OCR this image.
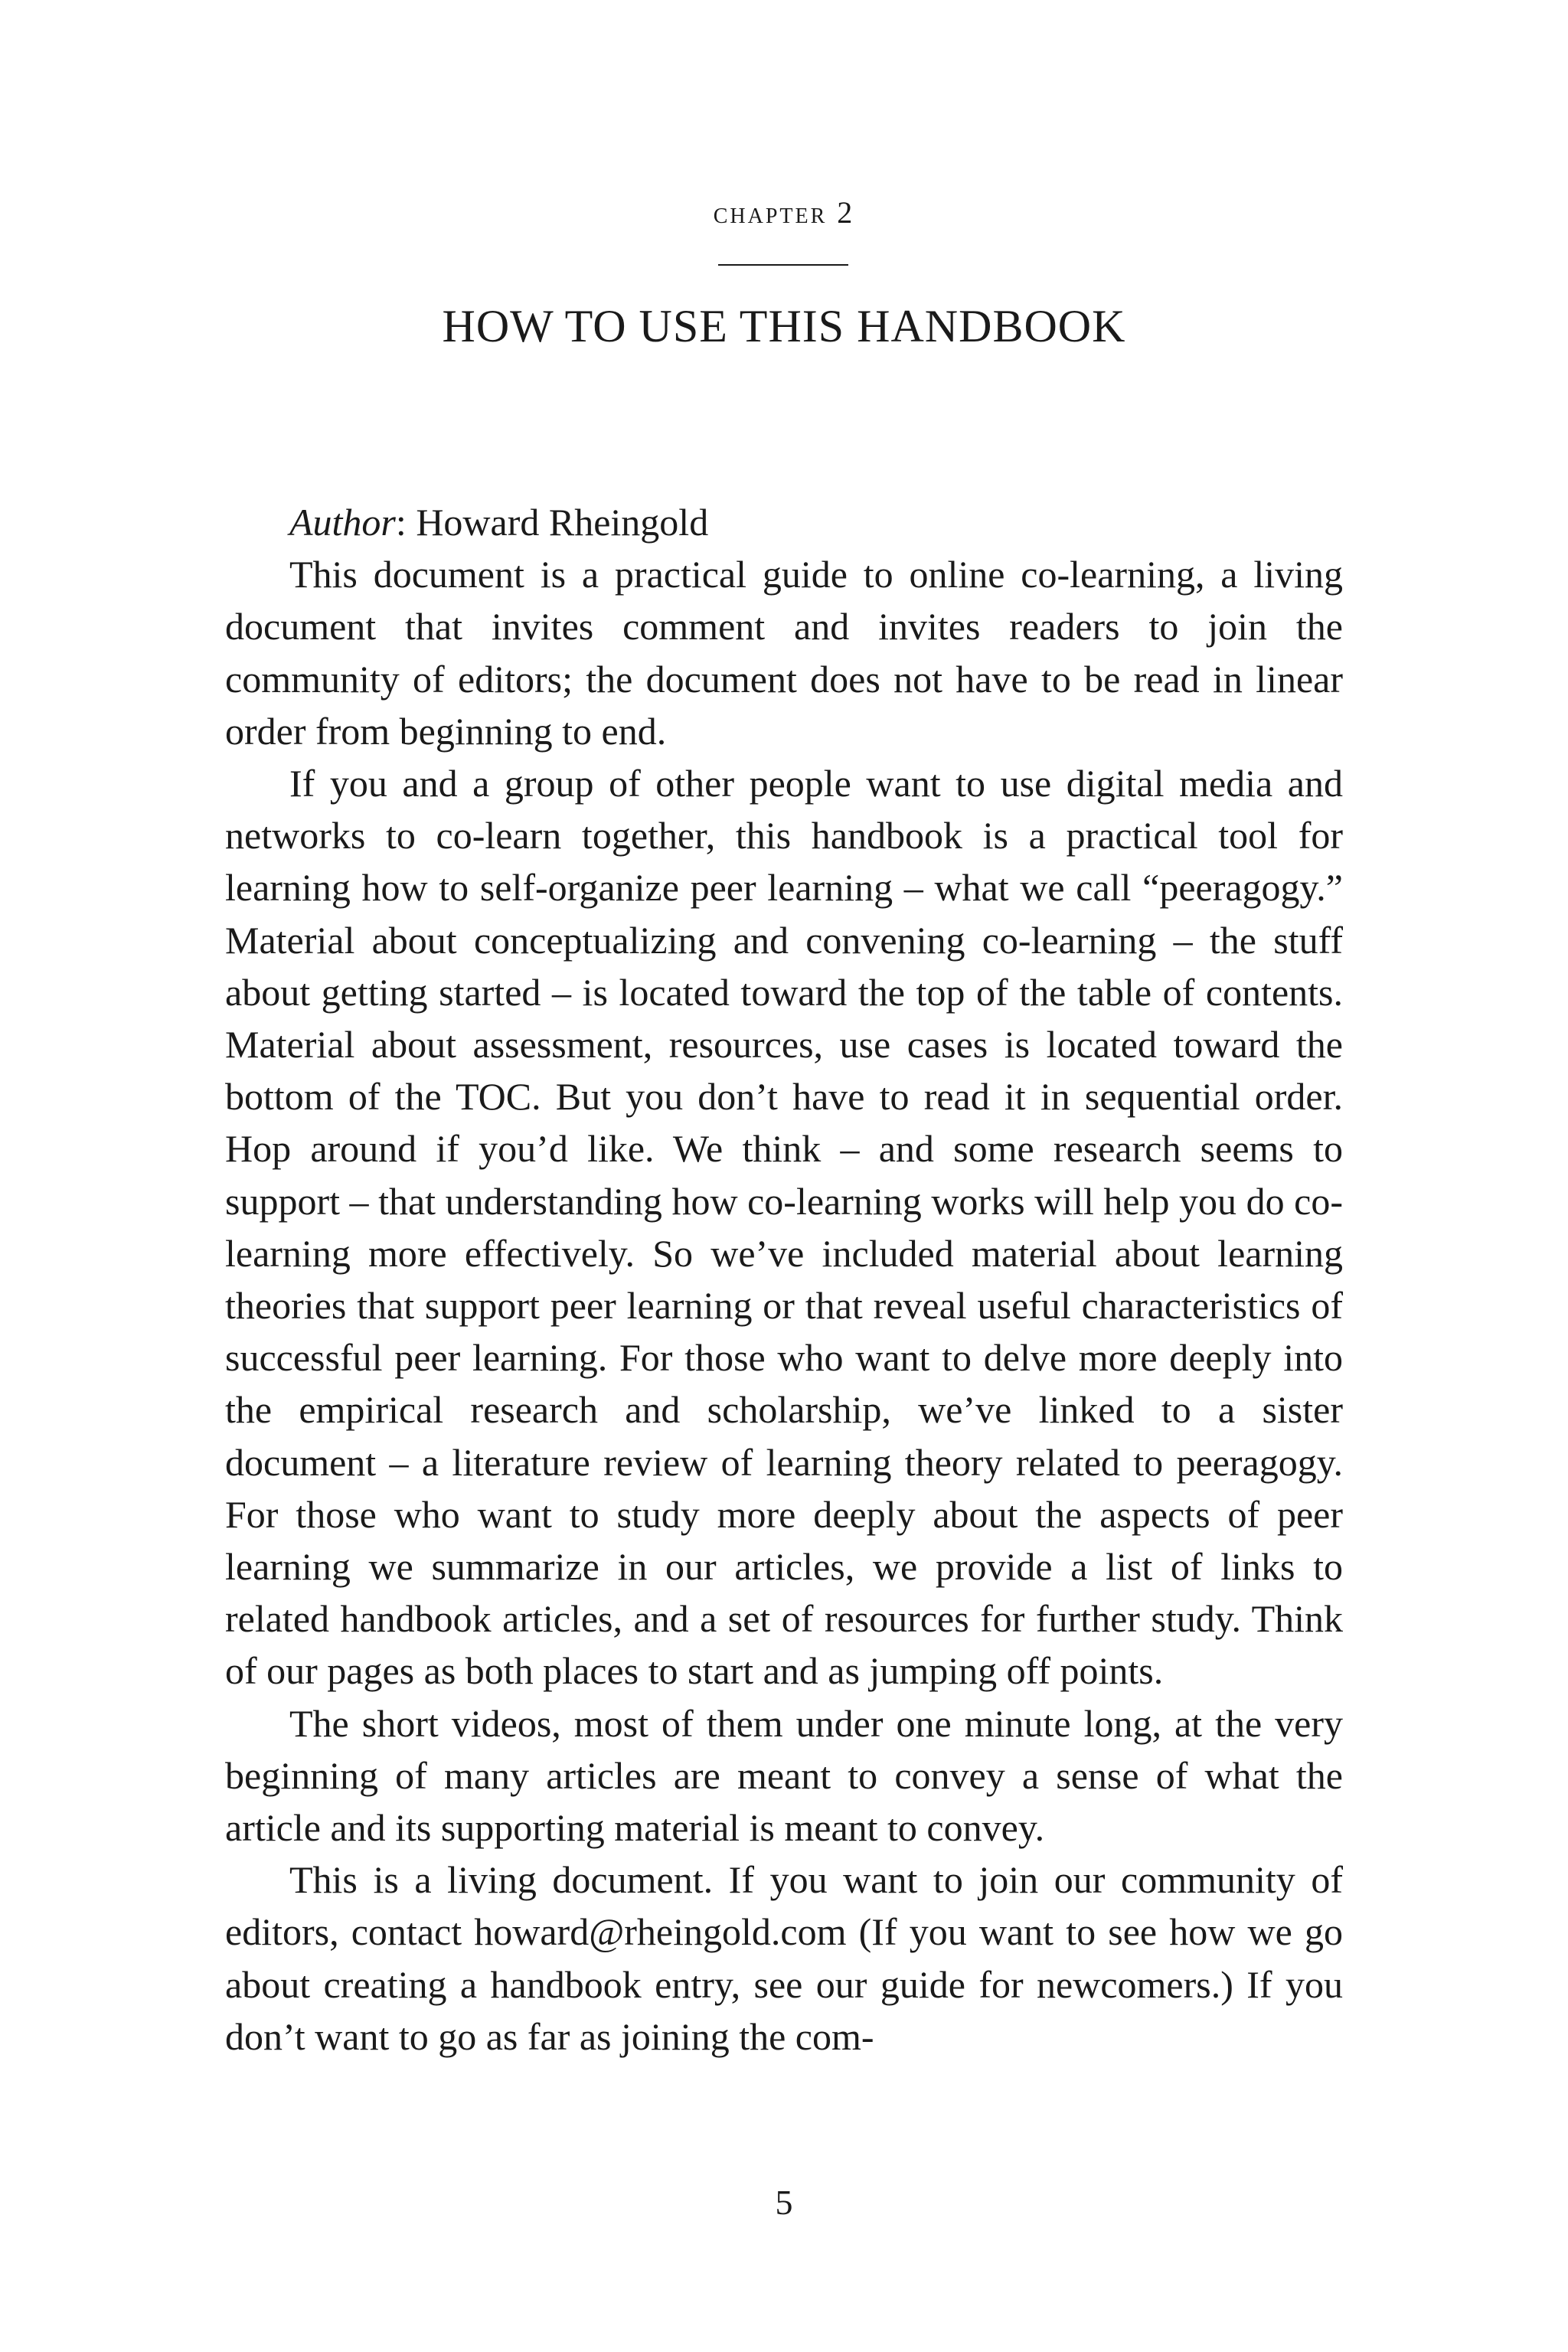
chapter 2
HOW TO USE THIS HANDBOOK

Author: Howard Rheingold

This document is a practical guide to online co-learning, a living document that invites comment and invites readers to join the community of editors; the document does not have to be read in linear order from beginning to end.

If you and a group of other people want to use digital media and networks to co-learn together, this handbook is a practical tool for learning how to self-organize peer learning – what we call “peeragogy.” Material about conceptualizing and convening co-learning – the stuff about getting started – is located toward the top of the table of contents. Material about assessment, resources, use cases is located toward the bottom of the TOC. But you don’t have to read it in sequential order. Hop around if you’d like. We think – and some research seems to support – that understanding how co-learning works will help you do co-learning more effectively. So we’ve included material about learning theories that support peer learning or that reveal useful characteristics of successful peer learning. For those who want to delve more deeply into the empirical research and scholarship, we’ve linked to a sister document – a literature review of learning theory related to peeragogy. For those who want to study more deeply about the aspects of peer learning we summarize in our articles, we provide a list of links to related handbook articles, and a set of resources for further study. Think of our pages as both places to start and as jumping off points.

The short videos, most of them under one minute long, at the very beginning of many articles are meant to convey a sense of what the article and its supporting material is meant to convey.

This is a living document. If you want to join our community of editors, contact howard@rheingold.com (If you want to see how we go about creating a handbook entry, see our guide for newcomers.) If you don’t want to go as far as joining the com-

5
